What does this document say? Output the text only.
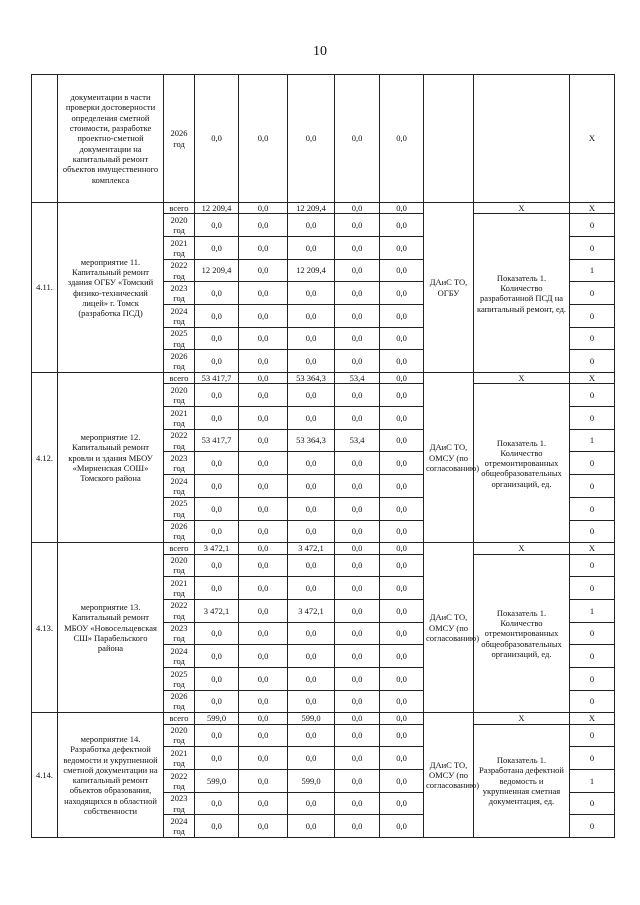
10
	документации в части проверки достоверности определения сметной стоимости, разработке проектно-сметной документации на капитальный ремонт объектов имущественного комплекса	2026 год	0,0	0,0	0,0	0,0	0,0			X
4.11.	мероприятие 11. Капитальный ремонт здания ОГБУ «Томский физико-технический лицей» г. Томск (разработка ПСД)	всего	12 209,4	0,0	12 209,4	0,0	0,0	ДАиС ТО, ОГБУ	X	X
		2020 год	0,0	0,0	0,0	0,0	0,0		Показатель 1. Количество разработанной ПСД на капитальный ремонт, ед.	0
		2021 год	0,0	0,0	0,0	0,0	0,0			0
		2022 год	12 209,4	0,0	12 209,4	0,0	0,0			1
		2023 год	0,0	0,0	0,0	0,0	0,0			0
		2024 год	0,0	0,0	0,0	0,0	0,0			0
		2025 год	0,0	0,0	0,0	0,0	0,0			0
		2026 год	0,0	0,0	0,0	0,0	0,0			0
4.12.	мероприятие 12. Капитальный ремонт кровли и здания МБОУ «Мирненская СОШ» Томского района	всего	53 417,7	0,0	53 364,3	53,4	0,0	ДАиС ТО, ОМСУ (по согласованию)	X	X
		2020 год	0,0	0,0	0,0	0,0	0,0		Показатель 1. Количество отремонтированных общеобразовательных организаций, ед.	0
		2021 год	0,0	0,0	0,0	0,0	0,0			0
		2022 год	53 417,7	0,0	53 364,3	53,4	0,0			1
		2023 год	0,0	0,0	0,0	0,0	0,0			0
		2024 год	0,0	0,0	0,0	0,0	0,0			0
		2025 год	0,0	0,0	0,0	0,0	0,0			0
		2026 год	0,0	0,0	0,0	0,0	0,0			0
4.13.	мероприятие 13. Капитальный ремонт МБОУ «Новосельцевская СШ» Парабельского района	всего	3 472,1	0,0	3 472,1	0,0	0,0	ДАиС ТО, ОМСУ (по согласованию)	X	X
		2020 год	0,0	0,0	0,0	0,0	0,0		Показатель 1. Количество отремонтированных общеобразовательных организаций, ед.	0
		2021 год	0,0	0,0	0,0	0,0	0,0			0
		2022 год	3 472,1	0,0	3 472,1	0,0	0,0			1
		2023 год	0,0	0,0	0,0	0,0	0,0			0
		2024 год	0,0	0,0	0,0	0,0	0,0			0
		2025 год	0,0	0,0	0,0	0,0	0,0			0
		2026 год	0,0	0,0	0,0	0,0	0,0			0
4.14.	мероприятие 14. Разработка дефектной ведомости и укрупненной сметной документации на капитальный ремонт объектов образования, находящихся в областной собственности	всего	599,0	0,0	599,0	0,0	0,0	ДАиС ТО, ОМСУ (по согласованию)	X	X
		2020 год	0,0	0,0	0,0	0,0	0,0		Показатель 1. Разработана дефектной ведомость и укрупненная сметная документация, ед.	0
		2021 год	0,0	0,0	0,0	0,0	0,0			0
		2022 год	599,0	0,0	599,0	0,0	0,0			1
		2023 год	0,0	0,0	0,0	0,0	0,0			0
		2024 год	0,0	0,0	0,0	0,0	0,0			0
